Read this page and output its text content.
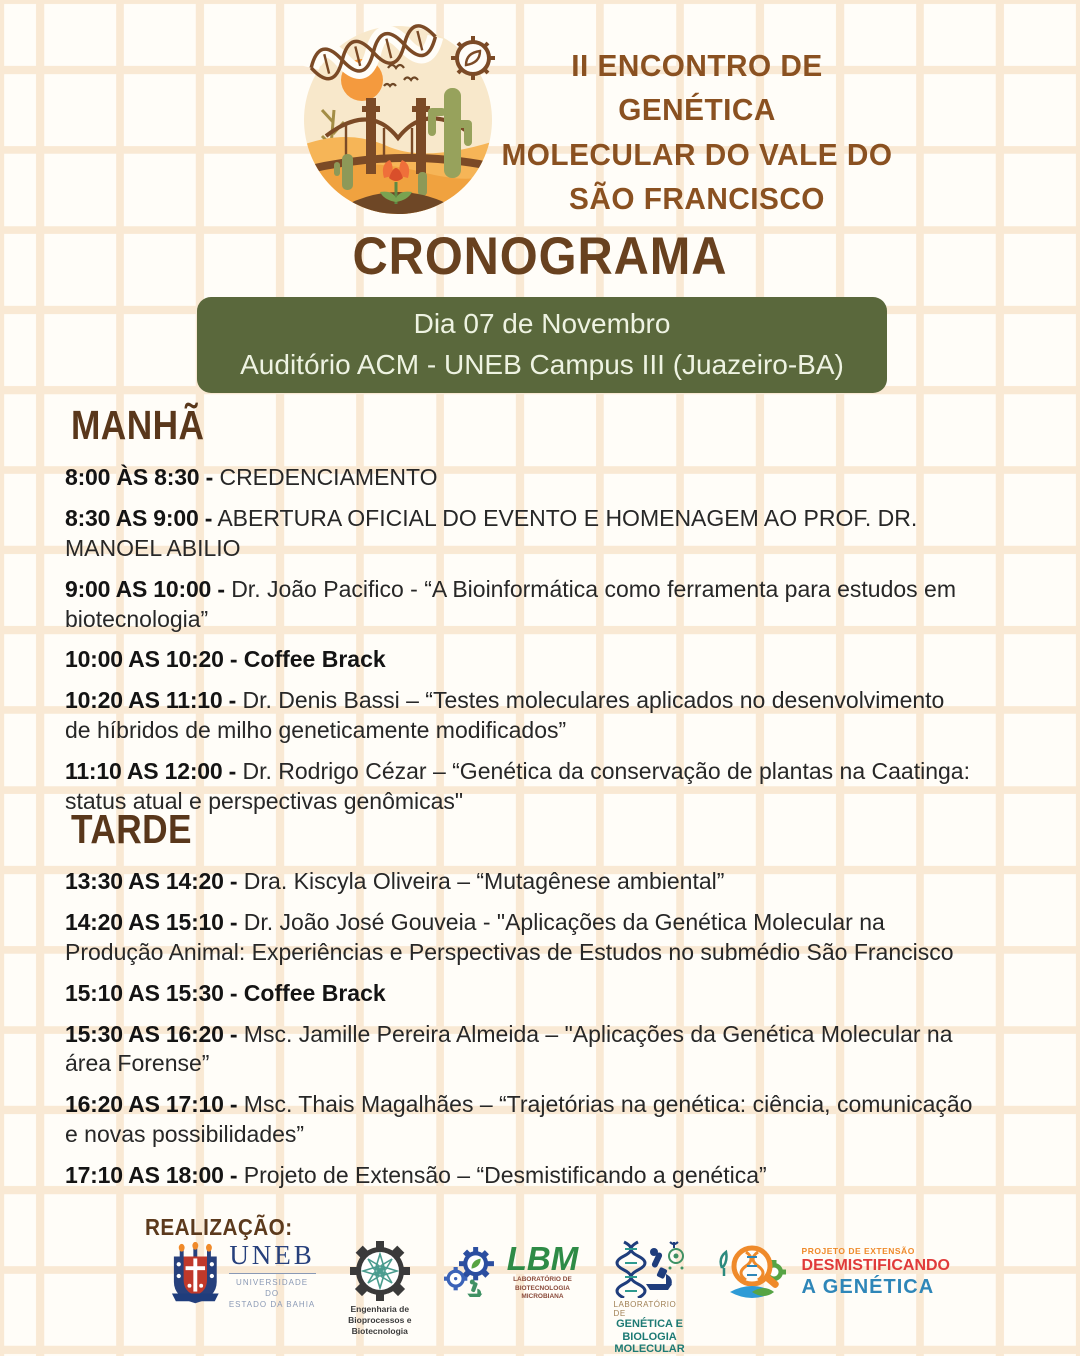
II ENCONTRO DE GENÉTICA
MOLECULAR DO VALE DO
SÃO FRANCISCO
CRONOGRAMA
Dia 07 de Novembro
Auditório ACM - UNEB Campus III (Juazeiro-BA)
MANHÃ

8:00 ÀS 8:30 - CREDENCIAMENTO

8:30 AS 9:00 - ABERTURA OFICIAL DO EVENTO E HOMENAGEM AO PROF. DR. MANOEL ABILIO

9:00 AS 10:00 - Dr. João Pacifico - “A Bioinformática como ferramenta para estudos em biotecnologia”

10:00 AS 10:20 - Coffee Brack

10:20 AS 11:10 - Dr. Denis Bassi – “Testes moleculares aplicados no desenvolvimento de híbridos de milho geneticamente modificados”

11:10 AS 12:00 - Dr. Rodrigo Cézar – “Genética da conservação de plantas na Caatinga: status atual e perspectivas genômicas"

TARDE

13:30 AS 14:20 - Dra. Kiscyla Oliveira – “Mutagênese ambiental”

14:20 AS 15:10 - Dr. João José Gouveia - "Aplicações da Genética Molecular na Produção Animal: Experiências e Perspectivas de Estudos no submédio São Francisco

15:10 AS 15:30 - Coffee Brack

15:30 AS 16:20 - Msc. Jamille Pereira Almeida – "Aplicações da Genética Molecular na área Forense”

16:20 AS 17:10 - Msc. Thais Magalhães – “Trajetórias na genética: ciência, comunicação e novas possibilidades”

17:10 AS 18:00 - Projeto de Extensão – “Desmistificando a genética”

REALIZAÇÃO:
UNEB
UNIVERSIDADE DO
ESTADO DA BAHIA	Engenharia de Bioprocessos e
Biotecnologia
LBM
LABORATÓRIO DE
BIOTECNOLOGIA MICROBIANA
LABORATÓRIO DE
GENÉTICA E
BIOLOGIA
MOLECULAR
PROJETO DE EXTENSÃO
DESMISTIFICANDO
A GENÉTICA
